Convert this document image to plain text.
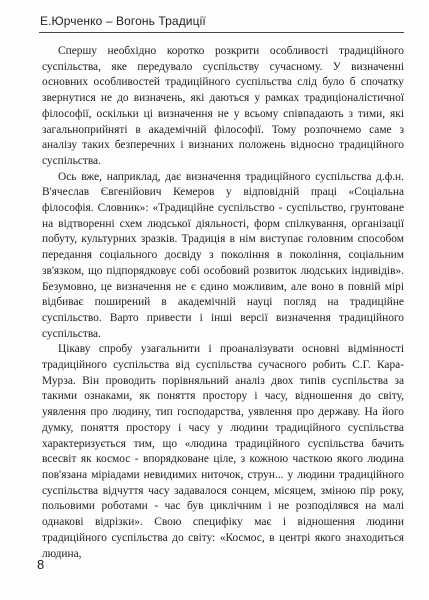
Е.Юрченко – Вогонь Традиції

Спершу необхідно коротко розкрити особливості традиційного суспільства, яке передувало суспільству сучасному. У визначенні основних особливостей традиційного суспільства слід було б спочатку звернутися не до визначень, які даються у рамках традиціоналістичної філософії, оскільки ці визначення не у всьому співпадають з тими, які загальноприйняті в академічній філософії. Тому розпочнемо саме з аналізу таких безперечних і визнаних положень відносно традиційного суспільства.

Ось вже, наприклад, дає визначення традиційного суспільства д.ф.н. В'ячеслав Євгенійович Кемеров у відповідній праці «Соціальна філософія. Словник»: «Традиційне суспільство - суспільство, грунтоване на відтворенні схем людської діяльності, форм спілкування, організації побуту, культурних зразків. Традиція в нім виступає головним способом передання соціального досвіду з покоління в покоління, соціальним зв'язком, що підпорядковує собі особовий розвиток людських індивідів». Безумовно, це визначення не є єдино можливим, але воно в повній мірі відбиває поширений в академічній науці погляд на традиційне суспільство. Варто привести і інші версії визначення традиційного суспільства.

Цікаву спробу узагальнити і проаналізувати основні відмінності традиційного суспільства від суспільства сучасного робить С.Г. Кара-Мурза. Він проводить порівняльний аналіз двох типів суспільства за такими ознаками, як поняття простору і часу, відношення до світу, уявлення про людину, тип господарства, уявлення про державу. На його думку, поняття простору і часу у людини традиційного суспільства характеризується тим, що «людина традиційного суспільства бачить всесвіт як космос - впорядковане ціле, з кожною часткою якого людина пов'язана міріадами невидимих ниточок, струн... у людини традиційного суспільства відчуття часу задавалося сонцем, місяцем, зміною пір року, польовими роботами - час був циклічним і не розподілявся на малі однакові відрізки». Свою специфіку має і відношення людини традиційного суспільства до світу: «Космос, в центрі якого знаходиться людина,

8
